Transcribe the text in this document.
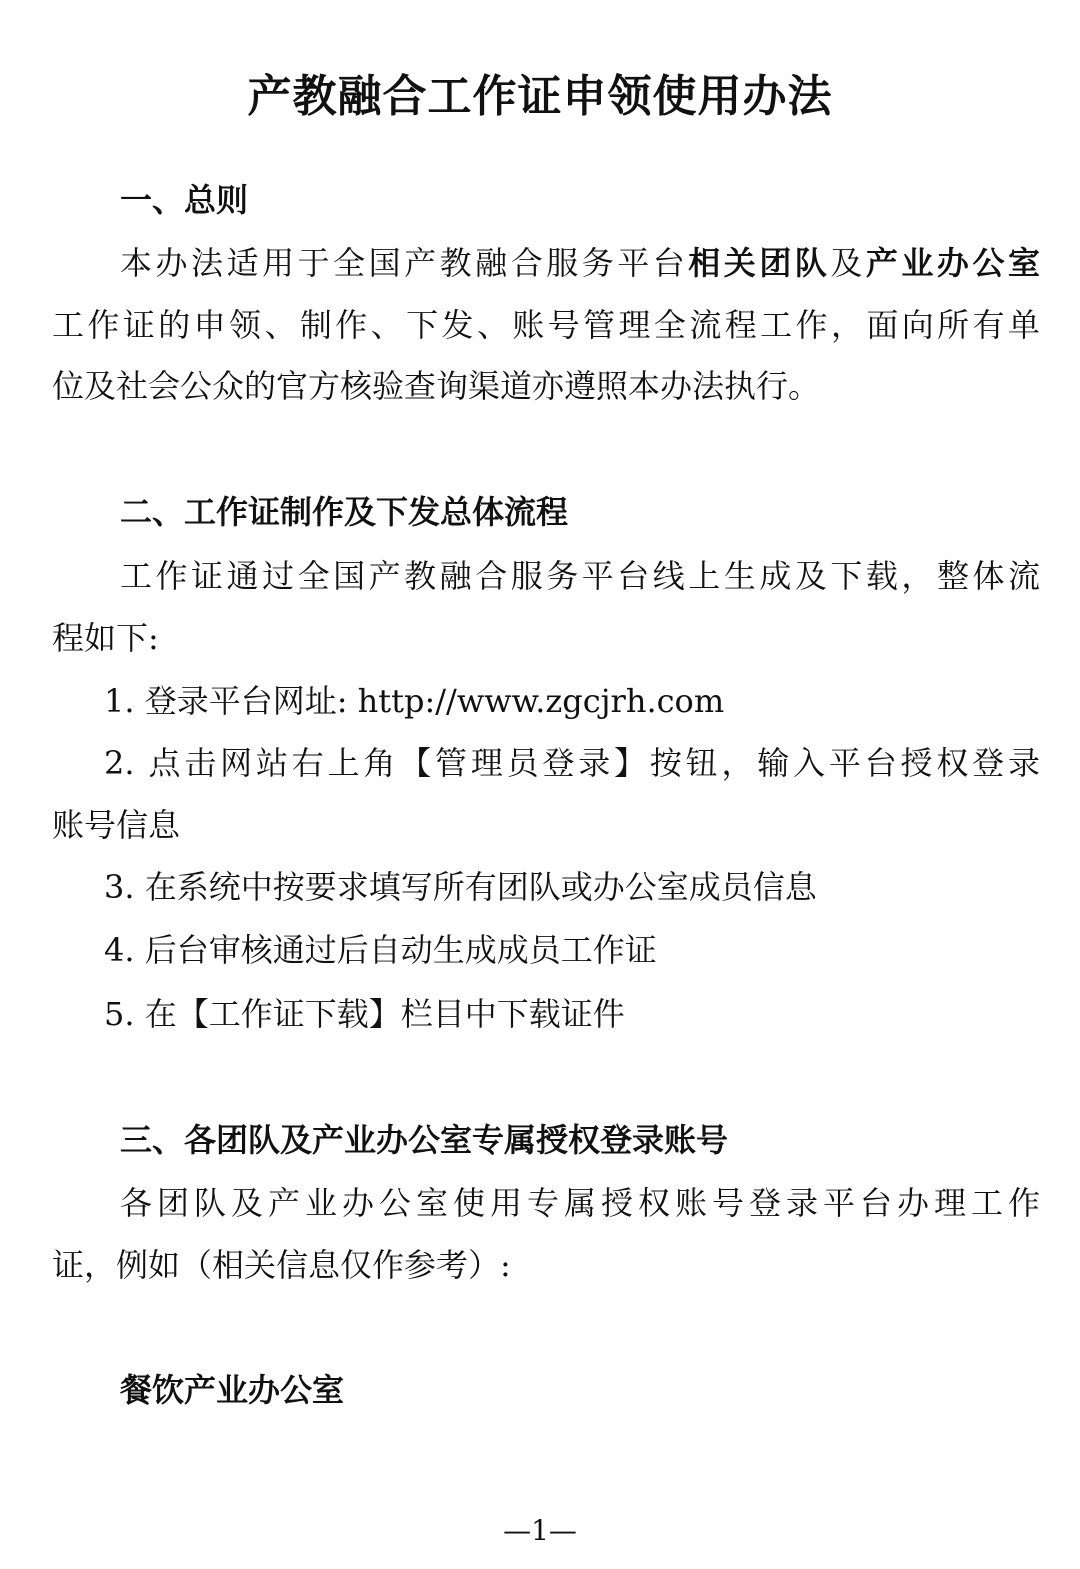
产教融合工作证申领使用办法

一、总则

本办法适用于全国产教融合服务平台相关团队及产业办公室

工作证的申领、制作、下发、账号管理全流程工作，面向所有单

位及社会公众的官方核验查询渠道亦遵照本办法执行。

二、工作证制作及下发总体流程

工作证通过全国产教融合服务平台线上生成及下载，整体流

程如下:

1. 登录平台网址: http://www.zgcjrh.com

2. 点击网站右上角【管理员登录】按钮，输入平台授权登录

账号信息

3. 在系统中按要求填写所有团队或办公室成员信息

4. 后台审核通过后自动生成成员工作证

5. 在【工作证下载】栏目中下载证件

三、各团队及产业办公室专属授权登录账号

各团队及产业办公室使用专属授权账号登录平台办理工作

证，例如（相关信息仅作参考）:

餐饮产业办公室

—1—
